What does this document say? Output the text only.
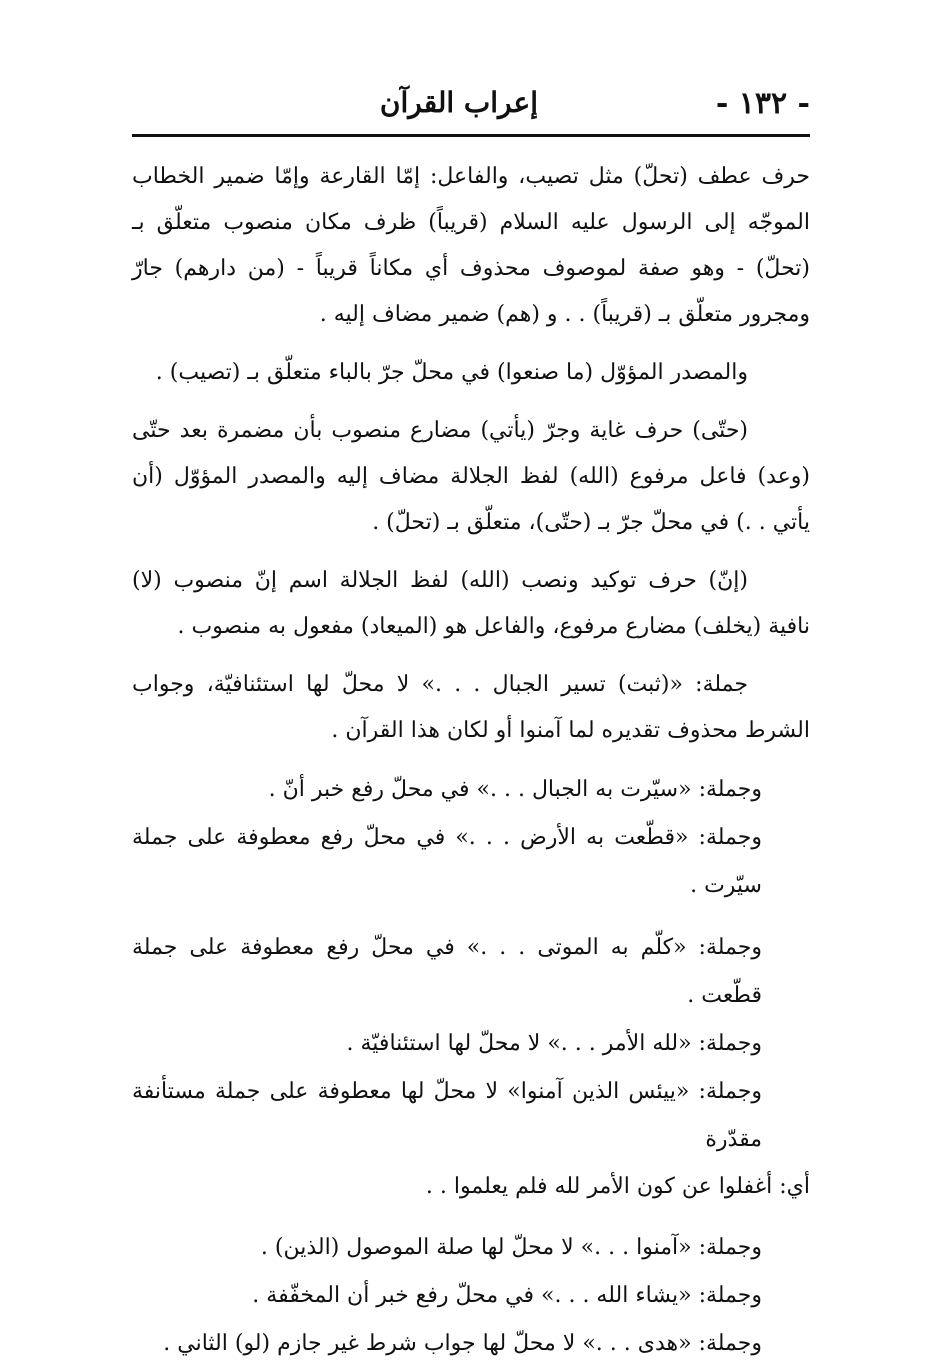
- ١٣٢ -
إعراب القرآن

حرف عطف (تحلّ) مثل تصيب، والفاعل: إمّا القارعة وإمّا ضمير الخطاب الموجّه إلى الرسول عليه السلام (قريباً) ظرف مكان منصوب متعلّق بـ (تحلّ) - وهو صفة لموصوف محذوف أي مكاناً قريباً - (من دارهم) جارّ ومجرور متعلّق بـ (قريباً) . . و (هم) ضمير مضاف إليه .

والمصدر المؤوّل (ما صنعوا) في محلّ جرّ بالباء متعلّق بـ (تصيب) .

(حتّى) حرف غاية وجرّ (يأتي) مضارع منصوب بأن مضمرة بعد حتّى (وعد) فاعل مرفوع (الله) لفظ الجلالة مضاف إليه والمصدر المؤوّل (أن يأتي . .) في محلّ جرّ بـ (حتّى)، متعلّق بـ (تحلّ) .

(إنّ) حرف توكيد ونصب (الله) لفظ الجلالة اسم إنّ منصوب (لا) نافية (يخلف) مضارع مرفوع، والفاعل هو (الميعاد) مفعول به منصوب .

جملة: «(ثبت) تسير الجبال . . .» لا محلّ لها استئنافيّة، وجواب الشرط محذوف تقديره لما آمنوا أو لكان هذا القرآن .

وجملة: «سيّرت به الجبال . . .» في محلّ رفع خبر أنّ .

وجملة: «قطّعت به الأرض . . .» في محلّ رفع معطوفة على جملة سيّرت .

وجملة: «كلّم به الموتى . . .» في محلّ رفع معطوفة على جملة قطّعت .

وجملة: «لله الأمر . . .» لا محلّ لها استئنافيّة .

وجملة: «ييئس الذين آمنوا» لا محلّ لها معطوفة على جملة مستأنفة مقدّرة

أي: أغفلوا عن كون الأمر لله فلم يعلموا . .

وجملة: «آمنوا . . .» لا محلّ لها صلة الموصول (الذين) .

وجملة: «يشاء الله . . .» في محلّ رفع خبر أن المخفّفة .

وجملة: «هدى . . .» لا محلّ لها جواب شرط غير جازم (لو) الثاني .
